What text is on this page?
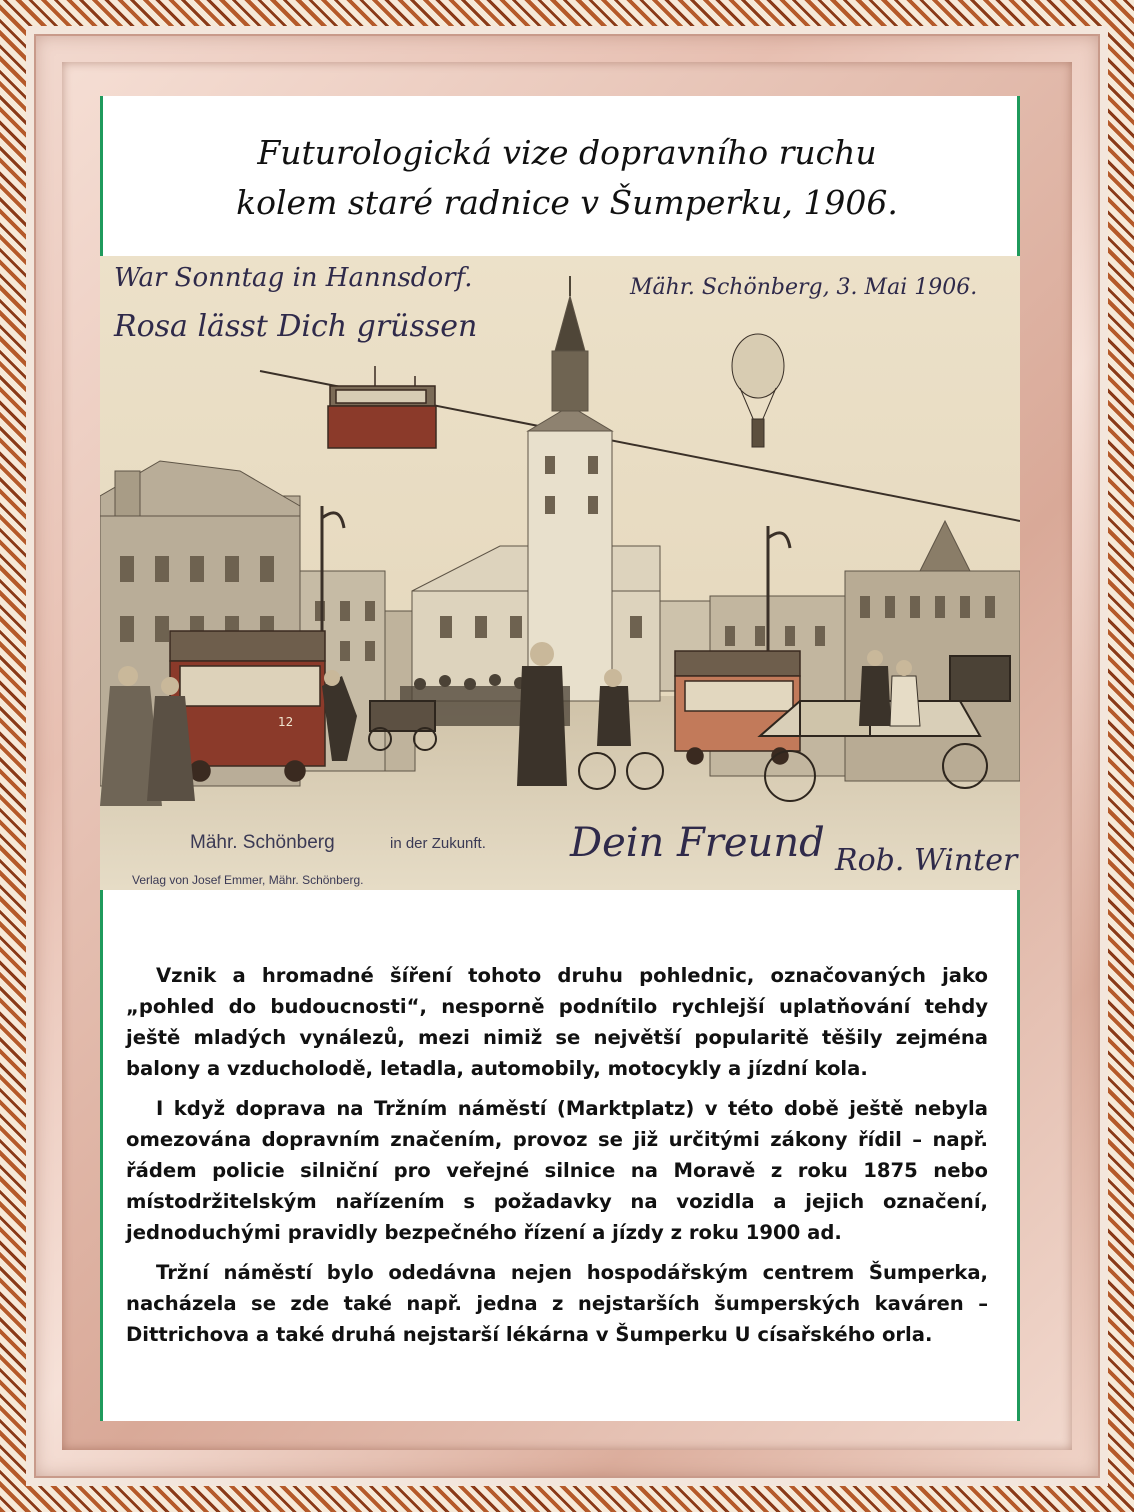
Futurologická vize dopravního ruchu
kolem staré radnice v Šumperku, 1906.
12
War Sonntag in Hannsdorf.
Rosa lässt Dich grüssen
Mähr. Schönberg, 3. Mai 1906.
Dein Freund Rob. Winter
Mähr. Schönberg	in der Zukunft.
Verlag von Josef Emmer, Mähr. Schönberg.

Vznik a hromadné šíření tohoto druhu pohlednic, označovaných jako „pohled do budoucnosti“, nesporně podnítilo rychlejší uplatňování tehdy ještě mladých vynálezů, mezi nimiž se největší popularitě těšily zejména balony a vzducholodě, letadla, automobily, motocykly a jízdní kola.

I když doprava na Tržním náměstí (Marktplatz) v této době ještě nebyla omezována dopravním značením, provoz se již určitými zákony řídil – např. řádem policie silniční pro veřejné silnice na Moravě z roku 1875 nebo místodržitelským nařízením s požadavky na vozidla a jejich označení, jednoduchými pravidly bezpečného řízení a jízdy z roku 1900 ad.

Tržní náměstí bylo odedávna nejen hospodářským centrem Šumperka, nacházela se zde také např. jedna z nejstarších šumperských kaváren – Dittrichova a také druhá nejstarší lékárna v Šumperku U císařského orla.
